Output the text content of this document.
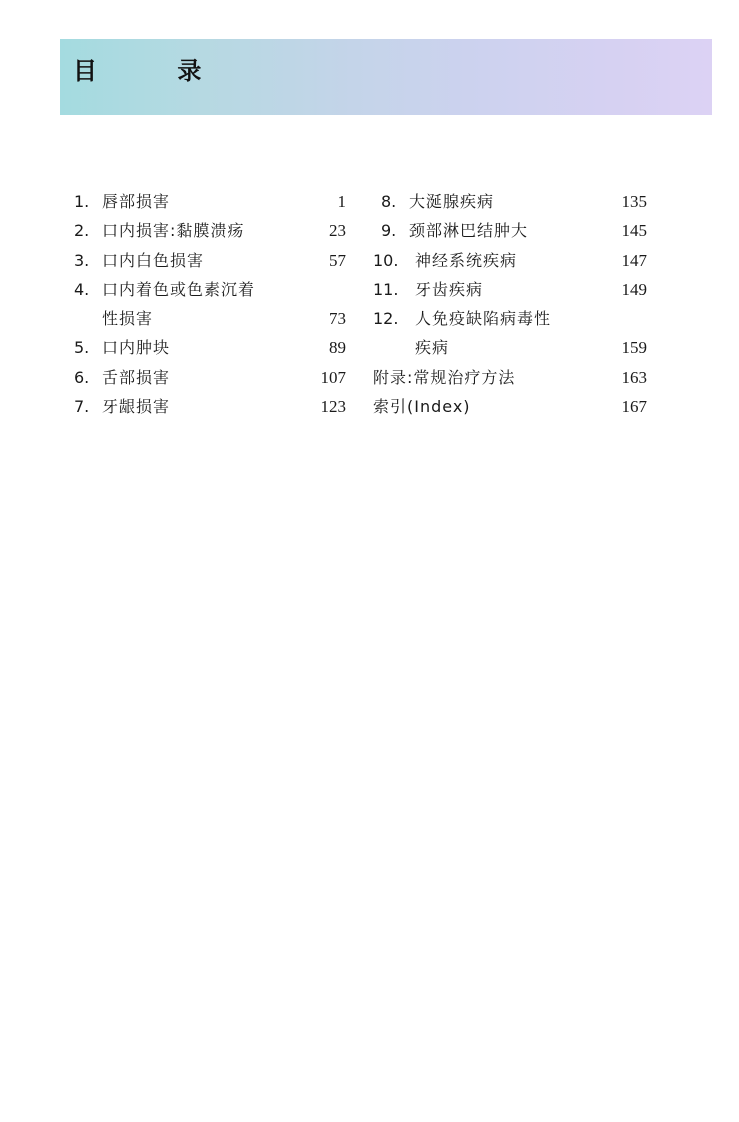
目 录
1. 唇部损害	1
2. 口内损害:黏膜溃疡	23
3. 口内白色损害	57
4. 口内着色或色素沉着
性损害	73
5. 口内肿块	89
6. 舌部损害	107
7. 牙龈损害	123
8. 大涎腺疾病	135
9. 颈部淋巴结肿大	145
10. 神经系统疾病	147
11. 牙齿疾病	149
12. 人免疫缺陷病毒性
疾病	159
附录:常规治疗方法	163
索引(Index)	167
